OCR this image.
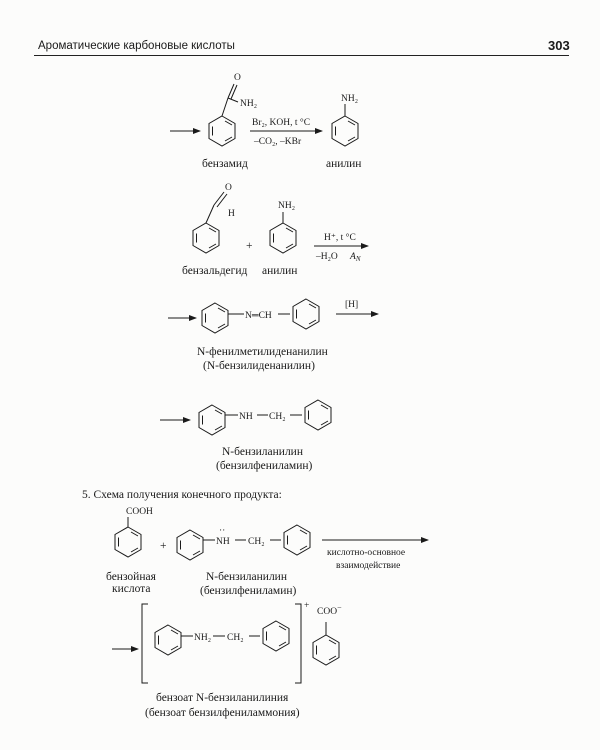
Ароматические карбоновые кислоты	303
O
NH₂
Br₂, KOH, t °C
–CO₂, –KBr
бензамид
NH₂
анилин
O
H
+
NH₂
H⁺, t °C
–H₂O $A_N$
бензальдегид анилин
N═CH
[H]
N-фенилметилиденанилин
(N-бензилиденанилин)
NH CH₂
N-бензиланилин
(бензилфениламин)
5. Схема получения конечного продукта:
COOH
бензойная
кислота
+
··
NH CH₂
N-бензиланилин
(бензилфениламин)
кислотно-основное
взаимодействие
NH₂ CH₂
+
COO−
бензоат N-бензиланилиния
(бензоат бензилфениламмония)
